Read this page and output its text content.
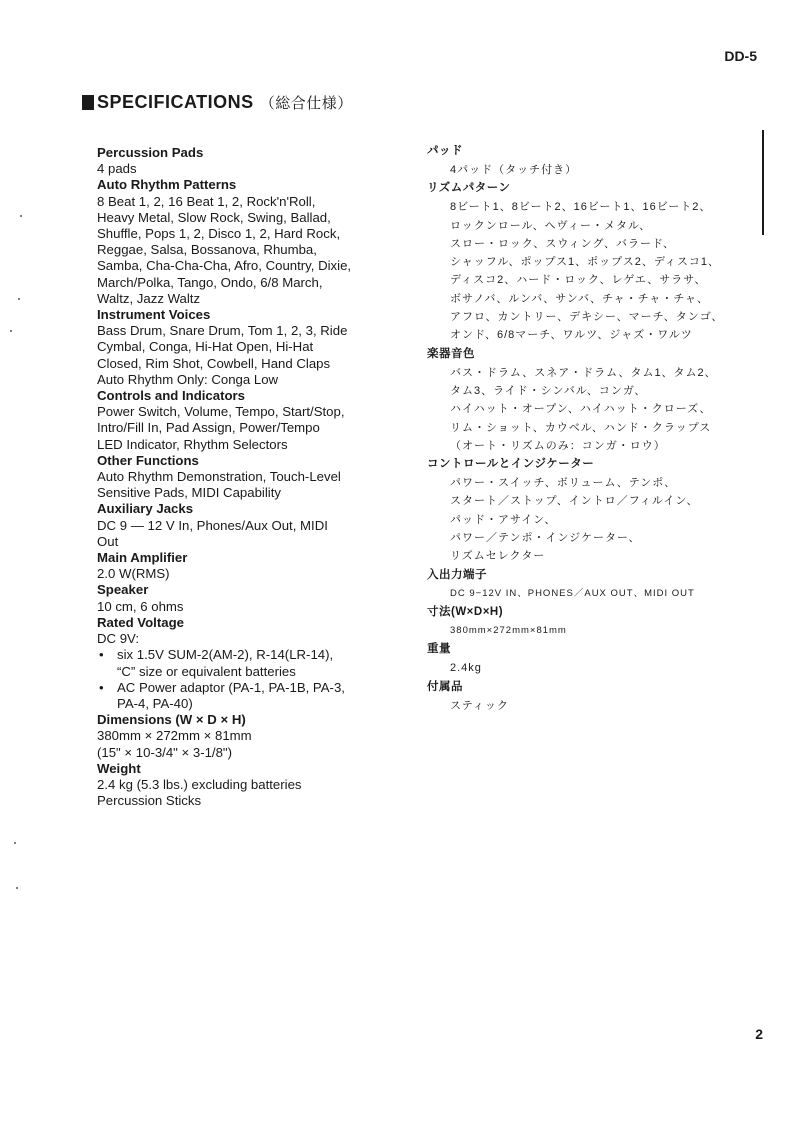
DD-5
SPECIFICATIONS （総合仕様）
Percussion Pads
4 pads
Auto Rhythm Patterns
8 Beat 1, 2, 16 Beat 1, 2, Rock'n'Roll,
Heavy Metal, Slow Rock, Swing, Ballad,
Shuffle, Pops 1, 2, Disco 1, 2, Hard Rock,
Reggae, Salsa, Bossanova, Rhumba,
Samba, Cha-Cha-Cha, Afro, Country, Dixie,
March/Polka, Tango, Ondo, 6/8 March,
Waltz, Jazz Waltz
Instrument Voices
Bass Drum, Snare Drum, Tom 1, 2, 3, Ride
Cymbal, Conga, Hi-Hat Open, Hi-Hat
Closed, Rim Shot, Cowbell, Hand Claps
Auto Rhythm Only: Conga Low
Controls and Indicators
Power Switch, Volume, Tempo, Start/Stop,
Intro/Fill In, Pad Assign, Power/Tempo
LED Indicator, Rhythm Selectors
Other Functions
Auto Rhythm Demonstration, Touch-Level
Sensitive Pads, MIDI Capability
Auxiliary Jacks
DC 9 — 12 V In, Phones/Aux Out, MIDI
Out
Main Amplifier
2.0 W(RMS)
Speaker
10 cm, 6 ohms
Rated Voltage
DC 9V:
•	six 1.5V SUM-2(AM-2), R-14(LR-14),
“C” size or equivalent batteries
•	AC Power adaptor (PA-1, PA-1B, PA-3,
PA-4, PA-40)
Dimensions (W × D × H)
380mm × 272mm × 81mm
(15" × 10-3/4" × 3-1/8")
Weight
2.4 kg (5.3 lbs.) excluding batteries
Percussion Sticks
パッド
4パッド（タッチ付き）
リズムパターン
8ビート1、8ビート2、16ビート1、16ビート2、
ロックンロール、ヘヴィー・メタル、
スロー・ロック、スウィング、バラード、
シャッフル、ポップス1、ポップス2、ディスコ1、
ディスコ2、ハード・ロック、レゲエ、サラサ、
ボサノバ、ルンバ、サンバ、チャ・チャ・チャ、
アフロ、カントリー、デキシー、マーチ、タンゴ、
オンド、6/8マーチ、ワルツ、ジャズ・ワルツ
楽器音色
バス・ドラム、スネア・ドラム、タム1、タム2、
タム3、ライド・シンバル、コンガ、
ハイハット・オープン、ハイハット・クローズ、
リム・ショット、カウベル、ハンド・クラップス
（オート・リズムのみ：コンガ・ロウ）
コントロールとインジケーター
パワー・スイッチ、ボリューム、テンポ、
スタート／ストップ、イントロ／フィルイン、
パッド・アサイン、
パワー／テンポ・インジケーター、
リズムセレクター
入出力端子
DC 9−12V IN、PHONES／AUX OUT、MIDI OUT
寸法(W×D×H)
380mm×272mm×81mm
重量
2.4kg
付属品
スティック
2
